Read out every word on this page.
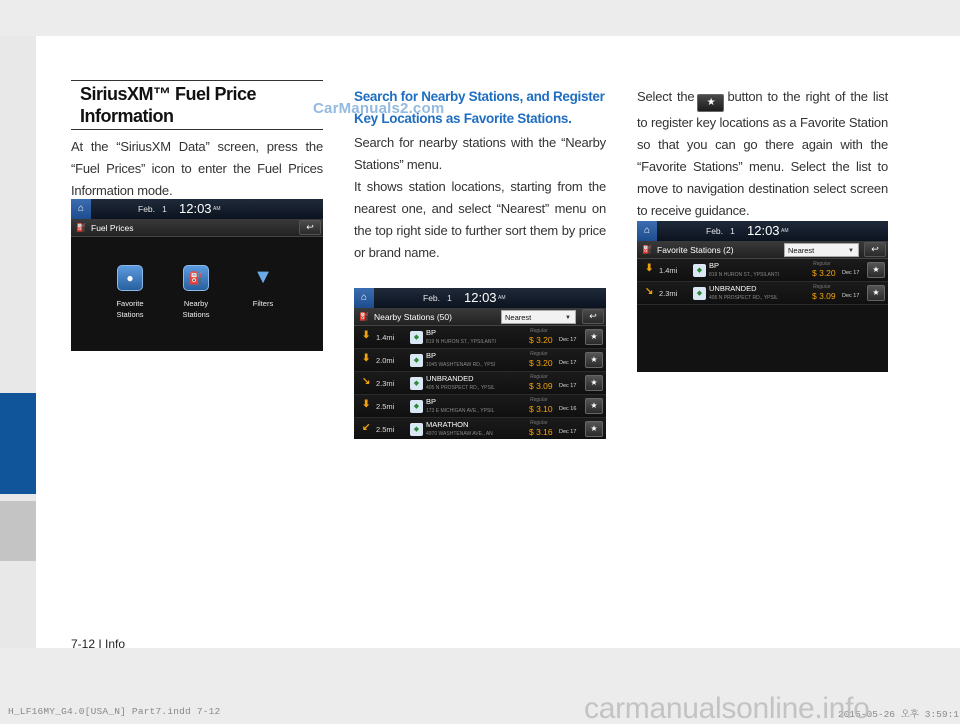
SiriusXM™ Fuel Price Information

At the “SiriusXM Data” screen, press the “Fuel Prices” icon to enter the Fuel Prices Information mode.

⌂	Feb. 1 12:03 AM
⛽ Fuel Prices	↩
●
Favorite
Stations
⛽
Nearby
Stations
▼
Filters
Search for Nearby Stations, and Register Key Locations as Favorite Stations.

Search for nearby stations with the “Nearby Stations” menu.

It shows station locations, starting from the nearest one, and select “Nearest” menu on the top right side to further sort them by price or brand name.

CarManuals2.com
⌂	Feb. 1 12:03 AM
⛽ Nearby Stations (50)	Nearest	▼	↩
⬇ 1.4mi	◆
BP
819 N HURON ST., YPSILANTI
Regular
$ 3.20 Dec 17	★
⬇ 2.0mi	◆
BP
1045 WASHTENAW RD., YPSI
Regular
$ 3.20 Dec 17	★
↘ 2.3mi	◆
UNBRANDED
405 N PROSPECT RD., YPSIL
Regular
$ 3.09 Dec 17	★
⬇ 2.5mi	◆
BP
173 E MICHIGAN AVE., YPSIL
Regular
$ 3.10 Dec 16	★
↙ 2.5mi	◆
MARATHON
4970 WASHTENAW AVE., AN
Regular
$ 3.16 Dec 17	★

Select the ★ button to the right of the list to register key locations as a Favorite Station so that you can go there again with the “Favorite Stations” menu. Select the list to move to navigation destination select screen to receive guidance.

⌂	Feb. 1 12:03 AM
⛽ Favorite Stations (2)	Nearest	▼	↩
⬇ 1.4mi	◆
BP
819 N HURON ST., YPSILANTI
Regular
$ 3.20 Dec 17	★
↘ 2.3mi	◆
UNBRANDED
405 N PROSPECT RD., YPSIL
Regular
$ 3.09 Dec 17	★
7-12 I Info
H_LF16MY_G4.0[USA_N] Part7.indd 7-12	2015-05-26 오후 3:59:1
carmanualsonline.info
